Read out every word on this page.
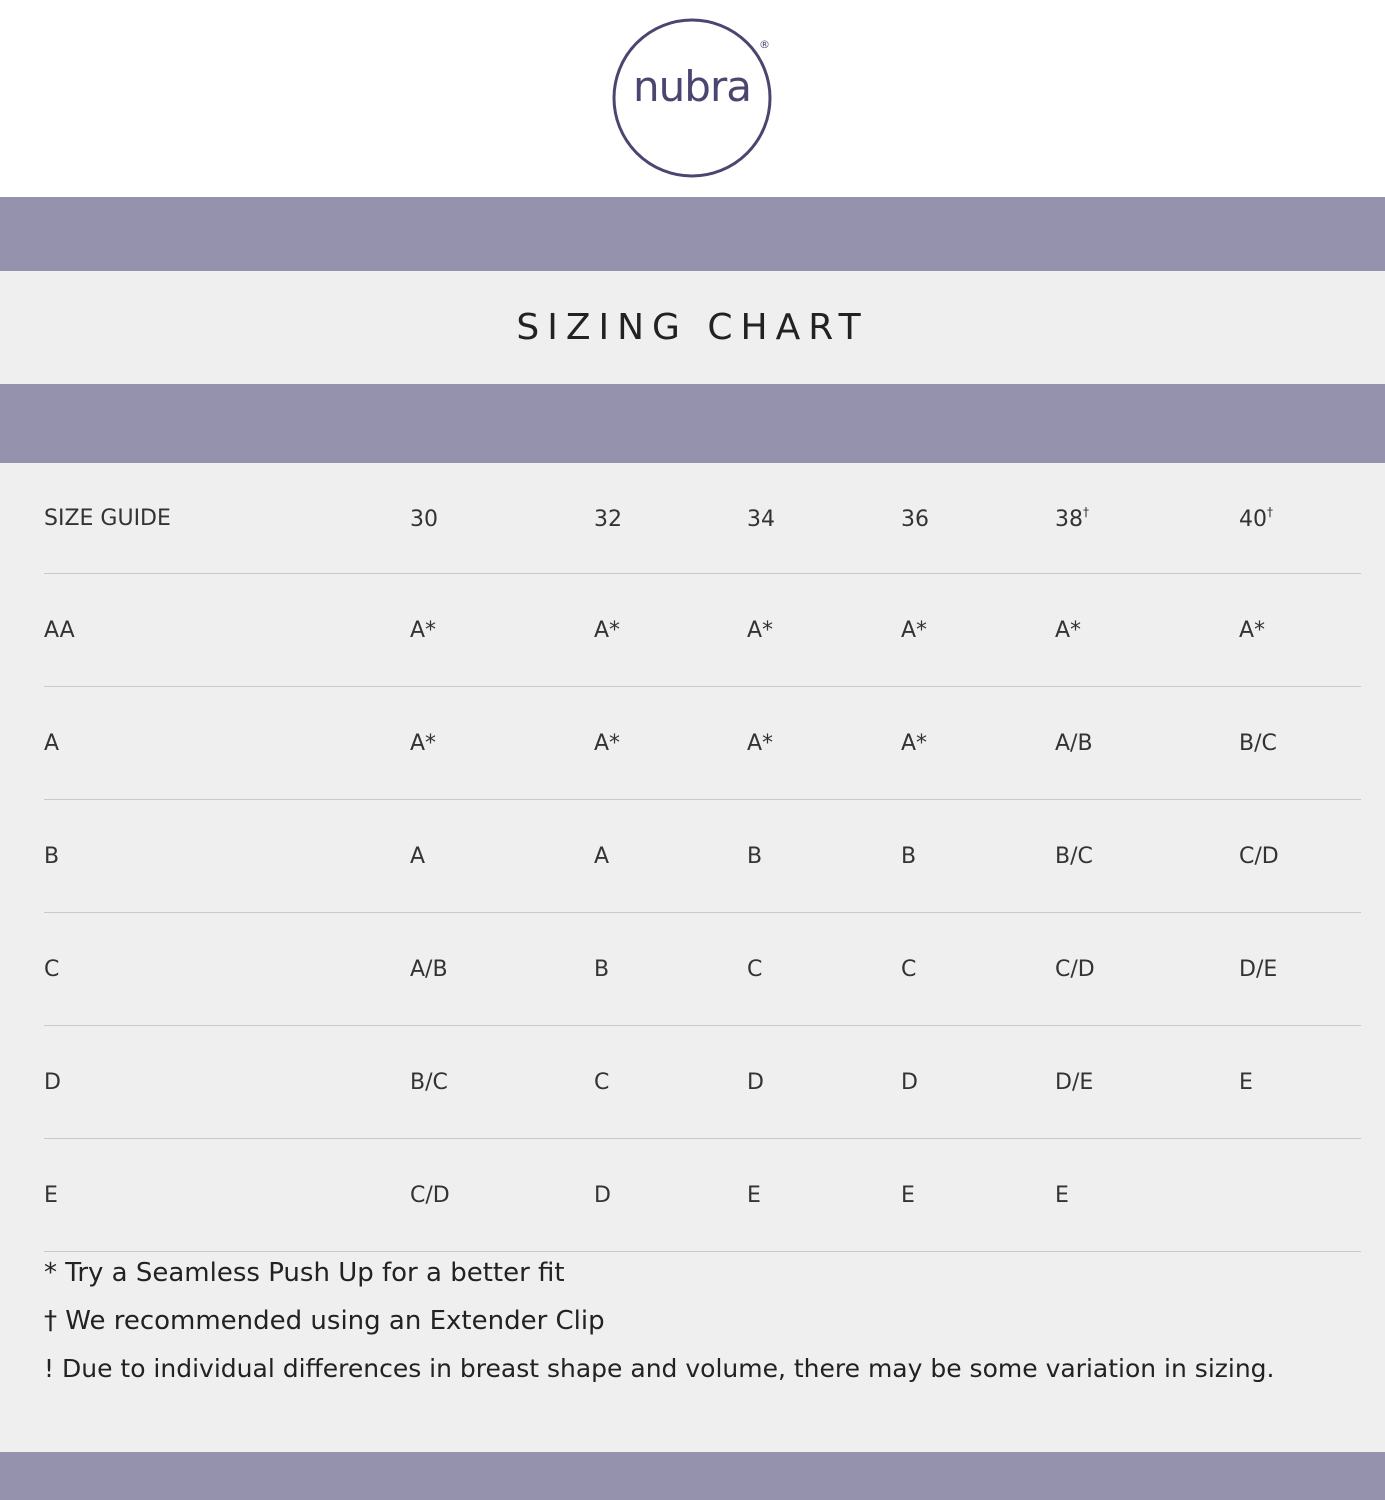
nubra
®
SIZING CHART
SIZE GUIDE	30	32	34	36	38†	40†
AA	A*	A*	A*	A*	A*	A*
A	A*	A*	A*	A*	A/B	B/C
B	A	A	B	B	B/C	C/D
C	A/B	B	C	C	C/D	D/E
D	B/C	C	D	D	D/E	E
E	C/D	D	E	E	E	
* Try a Seamless Push Up for a better fit
† We recommended using an Extender Clip
! Due to individual differences in breast shape and volume, there may be some variation in sizing.
